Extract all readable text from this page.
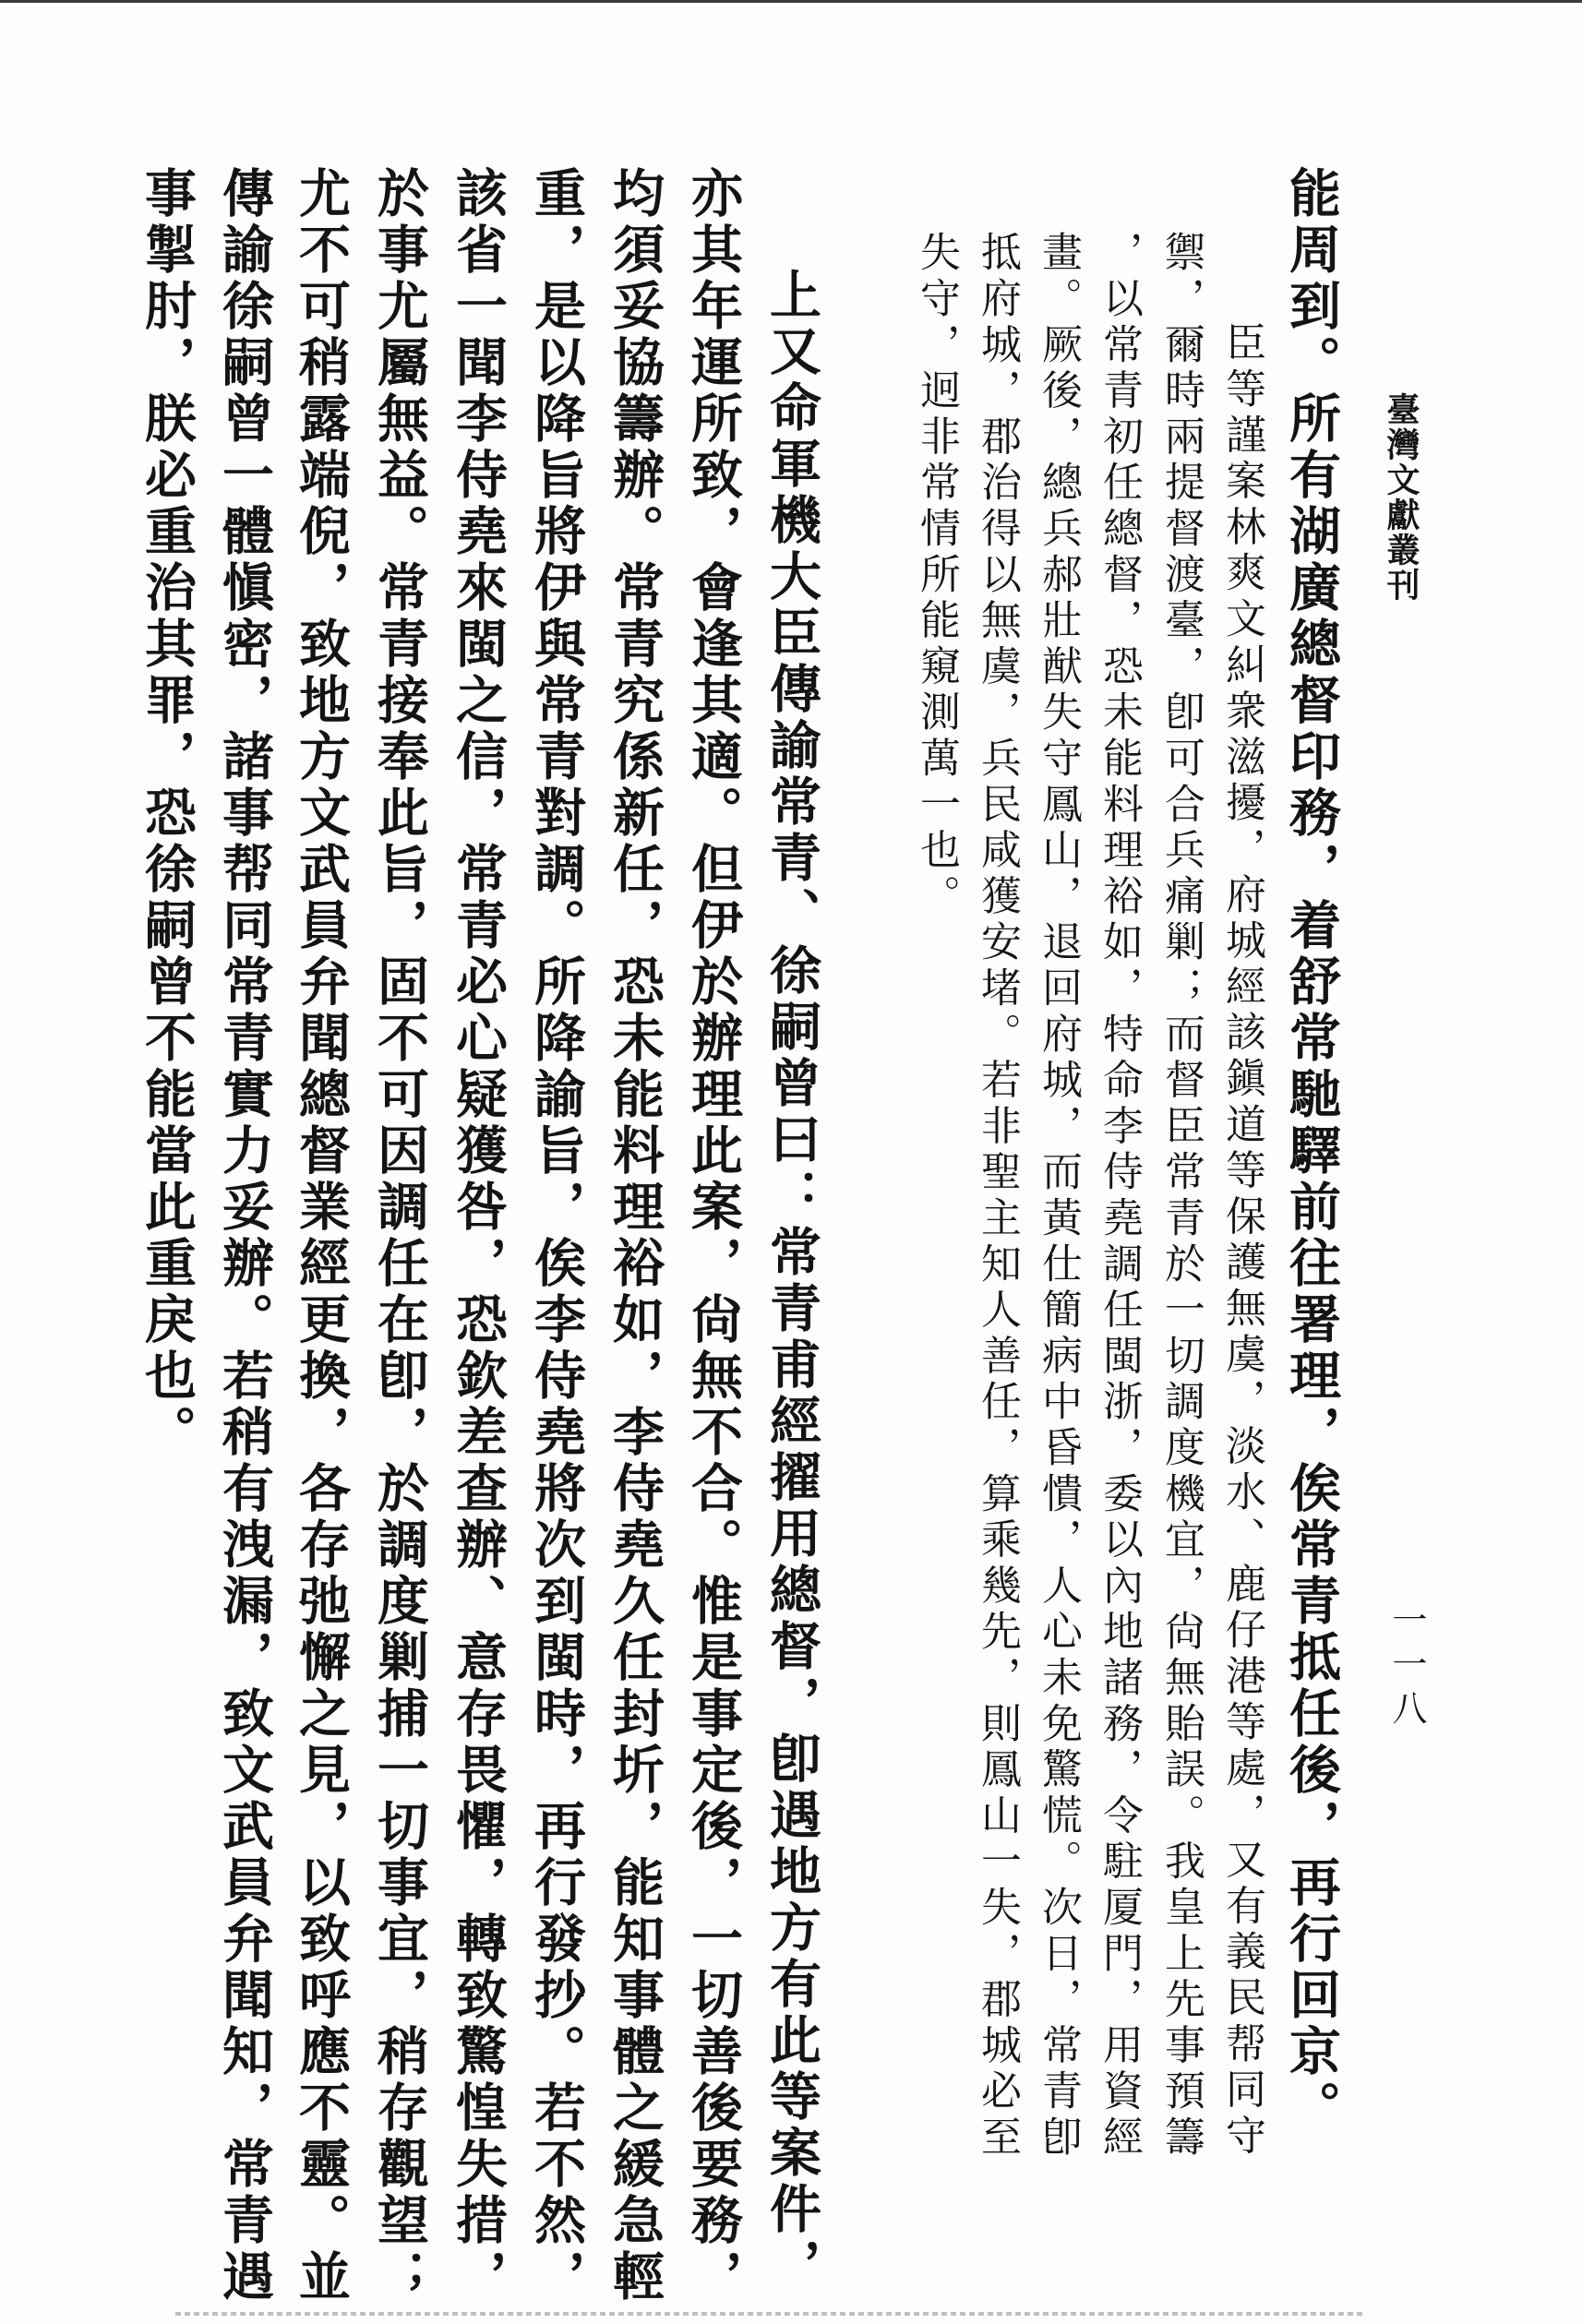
臺灣文獻叢刊
一一八
能周到。所有湖廣總督印務，着舒常馳驛前往署理，俟常青抵任後，再行回京。
臣等謹案林爽文糾衆滋擾，府城經該鎭道等保護無虞，淡水、鹿仔港等處，又有義民帮同守
禦，爾時兩提督渡臺，卽可合兵痛剿；而督臣常青於一切調度機宜，尙無貽誤。我皇上先事預籌
，以常青初任總督，恐未能料理裕如，特命李侍堯調任閩浙，委以內地諸務，令駐厦門，用資經
畫。厥後，總兵郝壯猷失守鳳山，退回府城，而黃仕簡病中昏憒，人心未免驚慌。次日，常青卽
抵府城，郡治得以無虞，兵民咸獲安堵。若非聖主知人善任，算乘幾先，則鳳山一失，郡城必至
失守，迥非常情所能窺測萬一也。
上又命軍機大臣傳諭常青、徐嗣曾曰：常青甫經擢用總督，卽遇地方有此等案件，
亦其年運所致，會逢其適。但伊於辦理此案，尙無不合。惟是事定後，一切善後要務，
均須妥協籌辦。常青究係新任，恐未能料理裕如，李侍堯久任封圻，能知事體之緩急輕
重，是以降旨將伊與常青對調。所降諭旨，俟李侍堯將次到閩時，再行發抄。若不然，
該省一聞李侍堯來閩之信，常青必心疑獲咎，恐欽差查辦、意存畏懼，轉致驚惶失措，
於事尤屬無益。常青接奉此旨，固不可因調任在卽，於調度剿捕一切事宜，稍存觀望；
尤不可稍露端倪，致地方文武員弁聞總督業經更換，各存弛懈之見，以致呼應不靈。並
傳諭徐嗣曾一體愼密，諸事帮同常青實力妥辦。若稍有洩漏，致文武員弁聞知，常青遇
事掣肘，朕必重治其罪，恐徐嗣曾不能當此重戾也。
